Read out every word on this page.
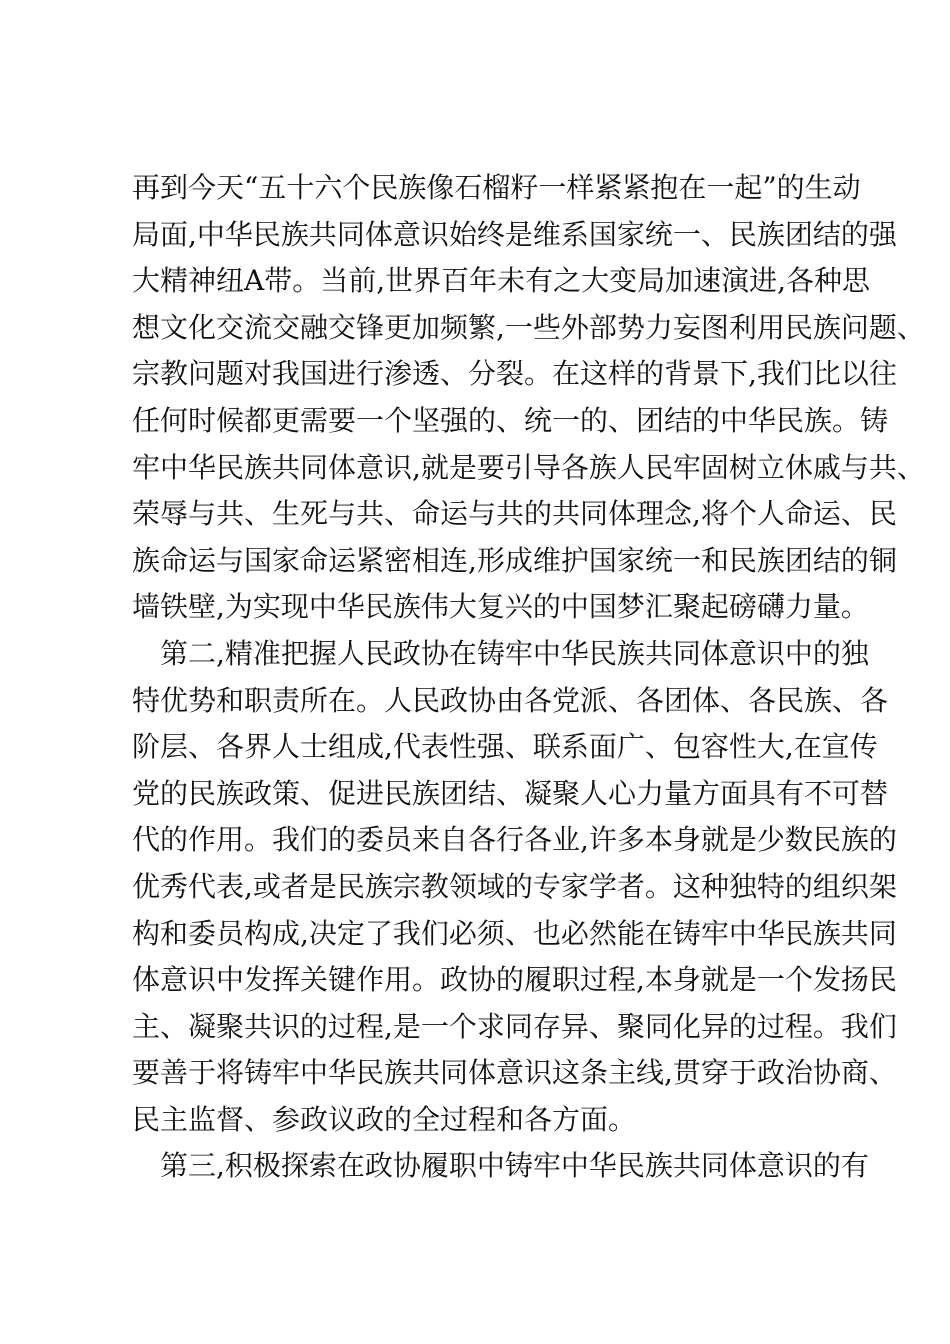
再到今天“五十六个民族像石榴籽一样紧紧抱在一起”的生动
局面,中华民族共同体意识始终是维系国家统一、民族团结的强
大精神纽A带。当前,世界百年未有之大变局加速演进,各种思
想文化交流交融交锋更加频繁,一些外部势力妄图利用民族问题、
宗教问题对我国进行渗透、分裂。在这样的背景下,我们比以往
任何时候都更需要一个坚强的、统一的、团结的中华民族。铸
牢中华民族共同体意识,就是要引导各族人民牢固树立休戚与共、
荣辱与共、生死与共、命运与共的共同体理念,将个人命运、民
族命运与国家命运紧密相连,形成维护国家统一和民族团结的铜
墙铁壁,为实现中华民族伟大复兴的中国梦汇聚起磅礴力量。
　第二,精准把握人民政协在铸牢中华民族共同体意识中的独
特优势和职责所在。人民政协由各党派、各团体、各民族、各
阶层、各界人士组成,代表性强、联系面广、包容性大,在宣传
党的民族政策、促进民族团结、凝聚人心力量方面具有不可替
代的作用。我们的委员来自各行各业,许多本身就是少数民族的
优秀代表,或者是民族宗教领域的专家学者。这种独特的组织架
构和委员构成,决定了我们必须、也必然能在铸牢中华民族共同
体意识中发挥关键作用。政协的履职过程,本身就是一个发扬民
主、凝聚共识的过程,是一个求同存异、聚同化异的过程。我们
要善于将铸牢中华民族共同体意识这条主线,贯穿于政治协商、
民主监督、参政议政的全过程和各方面。
　第三,积极探索在政协履职中铸牢中华民族共同体意识的有
